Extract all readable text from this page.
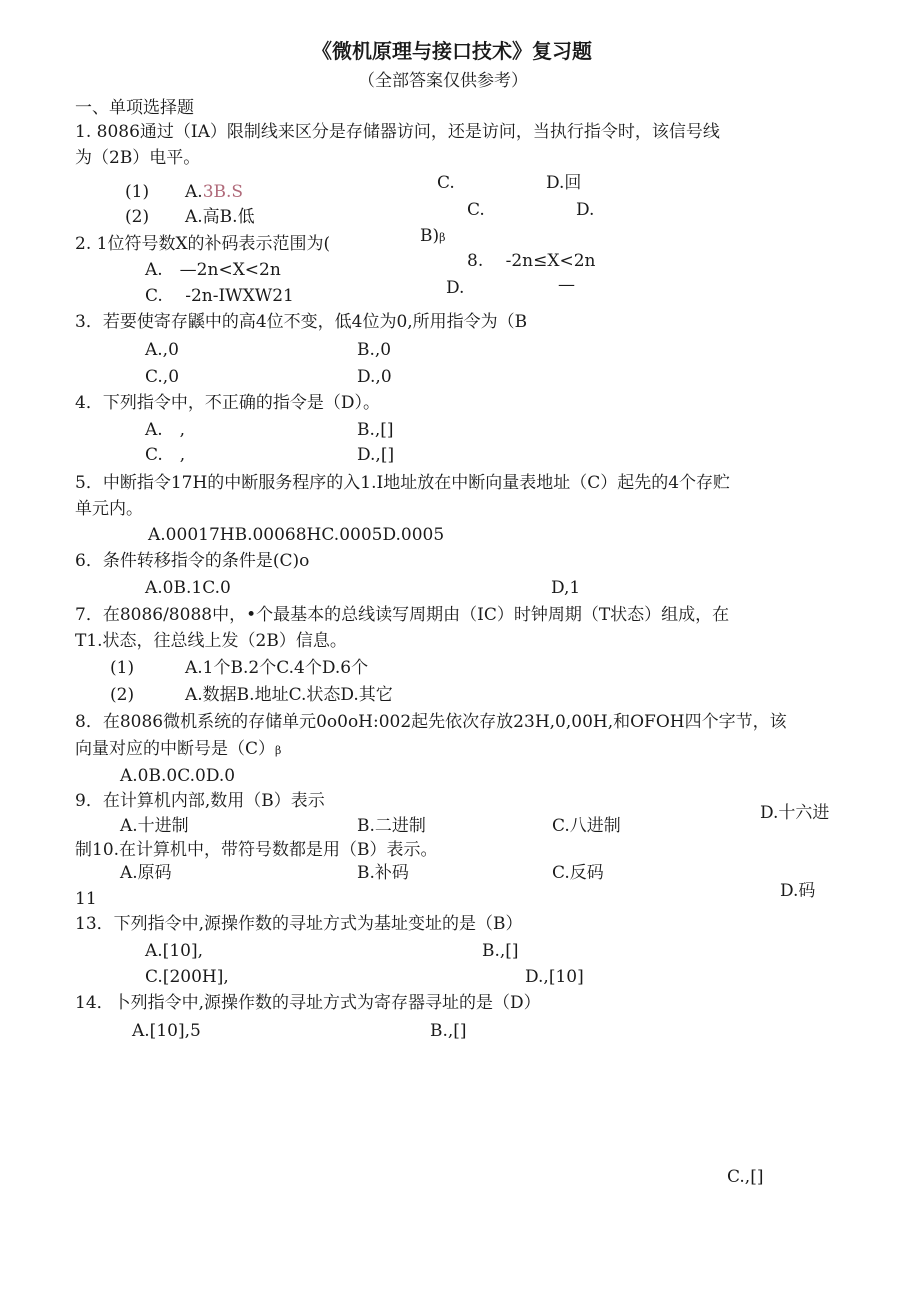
《微机原理与接口技术》复习题
（全部答案仅供参考）
一、单项选择题
1. 8086通过（IA）限制线来区分是存储器访问，还是访问，当执行指令时，该信号线
为（2B）电平。
(1) A.3B.S	C.	D.回
(2) A.高B.低	C.	D.
2. 1位符号数X的补码表示范围为(	B)β
A.　—2n<X<2n	8.　 -2n≤X<2n
C.　 -2n-IWXW21	D.	—
3．若要使寄存鼷中的高4位不变，低4位为0,所用指令为（B
A.,0	B.,0
C.,0	D.,0
4．下列指令中，不正确的指令是（D）。
A.　,	B.,[]
C.　,	D.,[]
5．中断指令17H的中断服务程序的入1.I地址放在中断向量表地址（C）起先的4个存贮
单元内。
A.00017HB.00068HC.0005D.0005
6．条件转移指令的条件是(C)o
A.0B.1C.0	D,1
7．在8086/8088中，•个最基本的总线读写周期由（IC）时钟周期（T状态）组成，在
T1.状态，往总线上发（2B）信息。
(1)	A.1个B.2个C.4个D.6个
(2)	A.数据B.地址C.状态D.其它
8．在8086微机系统的存储单元0o0oH:002起先依次存放23H,0,00H,和OFOH四个字节，该
向量对应的中断号是（C）β
A.0B.0C.0D.0
9．在计算机内部,数用（B）表示
D.十六进
A.十进制	B.二进制	C.八进制
制10.在计算机中，带符号数都是用（B）表示。
A.原码	B.补码	C.反码
D.码
11
13．下列指令中,源操作数的寻址方式为基址变址的是（B）
A.[10],	B.,[]
C.[200H],	D.,[10]
14．卜列指令中,源操作数的寻址方式为寄存器寻址的是（D）
A.[10],5	B.,[]
C.,[]
